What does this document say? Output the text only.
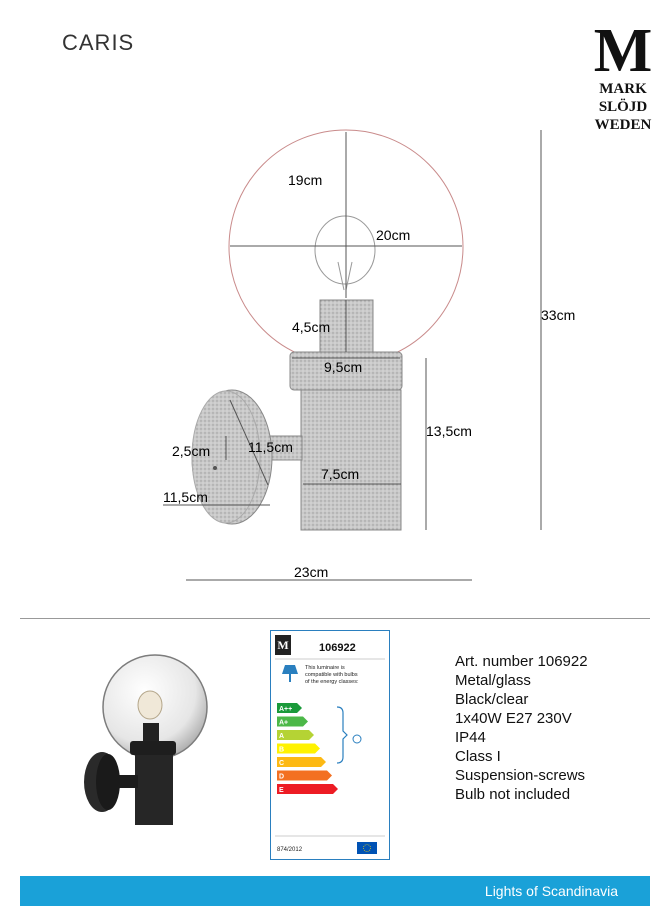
CARIS	M
MARK
SLÖJD
WEDEN
19cm
20cm
33cm
4,5cm
9,5cm
13,5cm
2,5cm	11,5cm
7,5cm
11,5cm
23cm
M	106922
This luminaire is
compatible with bulbs
of the energy classes:
A++
A+
A
B
C
D
E
874/2012
Art. number 106922
Metal/glass
Black/clear
1x40W E27 230V
IP44
Class I
Suspension-screws
Bulb not included
Lights of Scandinavia
